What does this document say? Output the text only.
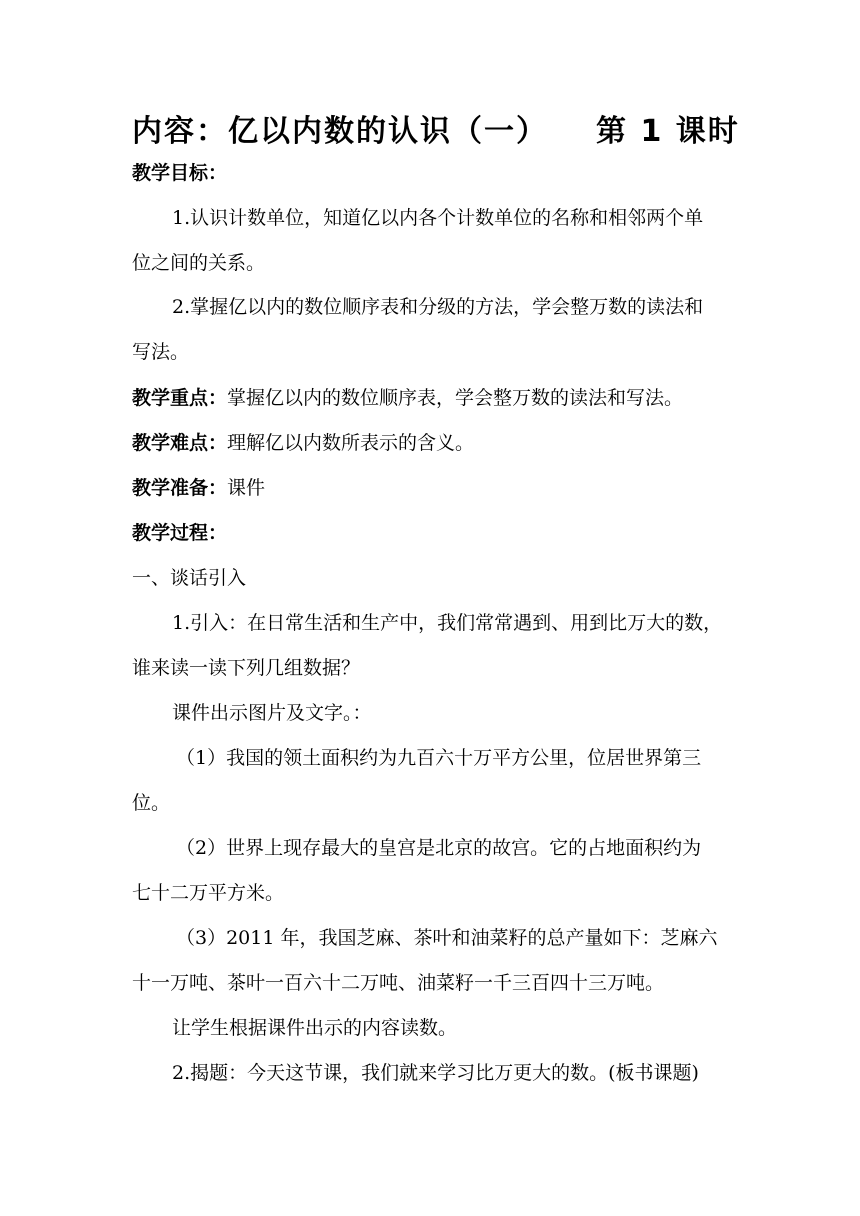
内容：亿以内数的认识（一） 第 1 课时
教学目标：
1.认识计数单位，知道亿以内各个计数单位的名称和相邻两个单
位之间的关系。
2.掌握亿以内的数位顺序表和分级的方法，学会整万数的读法和
写法。
教学重点：掌握亿以内的数位顺序表，学会整万数的读法和写法。
教学难点：理解亿以内数所表示的含义。
教学准备：课件
教学过程：
一、谈话引入
1.引入：在日常生活和生产中，我们常常遇到、用到比万大的数，
谁来读一读下列几组数据？
课件出示图片及文字。：
（1）我国的领土面积约为九百六十万平方公里，位居世界第三
位。
（2）世界上现存最大的皇宫是北京的故宫。它的占地面积约为
七十二万平方米。
（3）2011 年，我国芝麻、茶叶和油菜籽的总产量如下：芝麻六
十一万吨、茶叶一百六十二万吨、油菜籽一千三百四十三万吨。
让学生根据课件出示的内容读数。
2.揭题：今天这节课，我们就来学习比万更大的数。(板书课题)
